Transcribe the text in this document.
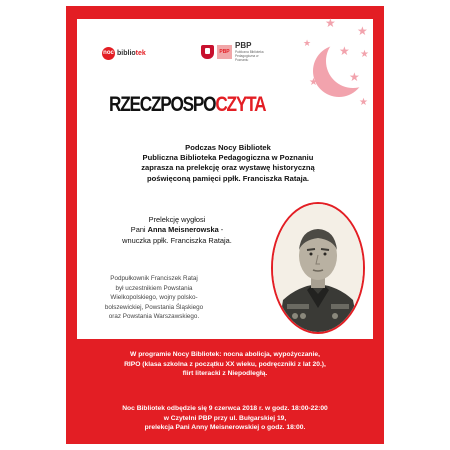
noc bibliotek	PBP
PBP
Publiczna Biblioteka Pedagogiczna w Poznaniu
★
★
★
★ ★
★
★
★
RZECZPOSPOCZYTA

Podczas Nocy Bibliotek
Publiczna Biblioteka Pedagogiczna w Poznaniu
zaprasza na prelekcję oraz wystawę historyczną
poświęconą pamięci ppłk. Franciszka Rataja.

Prelekcję wygłosi
Pani Anna Meisnerowska -
wnuczka ppłk. Franciszka Rataja.

Podpułkownik Franciszek Rataj
był uczestnikiem Powstania
Wielkopolskiego, wojny polsko-
bolszewickiej, Powstania Śląskiego
oraz Powstania Warszawskiego.

W programie Nocy Bibliotek: nocna abolicja, wypożyczanie,
RIPO (klasa szkolna z początku XX wieku, podręczniki z lat 20.),
flirt literacki z Niepodległą.

Noc Bibliotek odbędzie się 9 czerwca 2018 r. w godz. 18:00-22:00
w Czytelni PBP przy ul. Bułgarskiej 19,
prelekcja Pani Anny Meisnerowskiej o godz. 18:00.
